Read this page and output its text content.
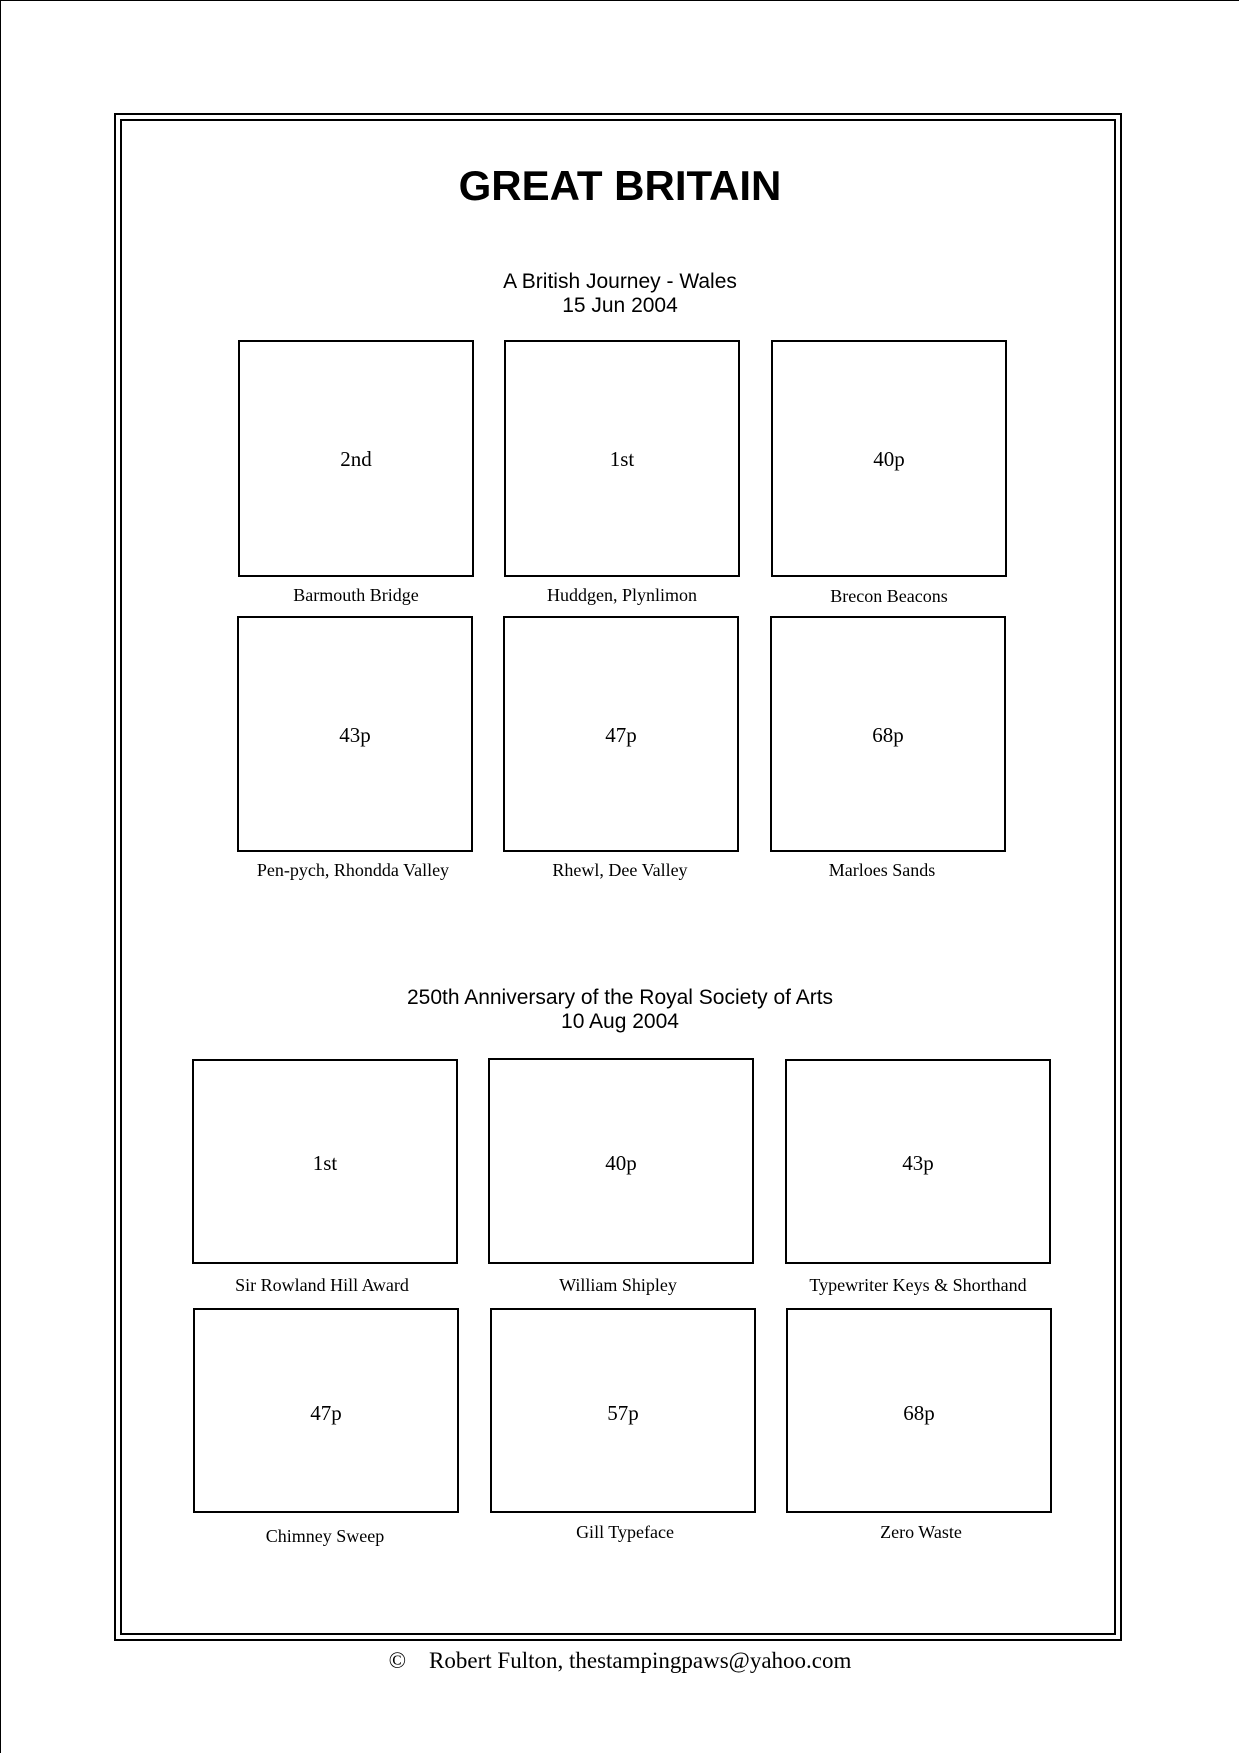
GREAT BRITAIN
A British Journey - Wales
15 Jun 2004
2nd
Barmouth Bridge
1st
Huddgen, Plynlimon
40p
Brecon Beacons
43p
Pen-pych, Rhondda Valley
47p
Rhewl, Dee Valley
68p
Marloes Sands
250th Anniversary of the Royal Society of Arts
10 Aug 2004
1st
Sir Rowland Hill Award
40p
William Shipley
43p
Typewriter Keys & Shorthand
47p
Chimney Sweep
57p
Gill Typeface
68p
Zero Waste
©    Robert Fulton, thestampingpaws@yahoo.com
